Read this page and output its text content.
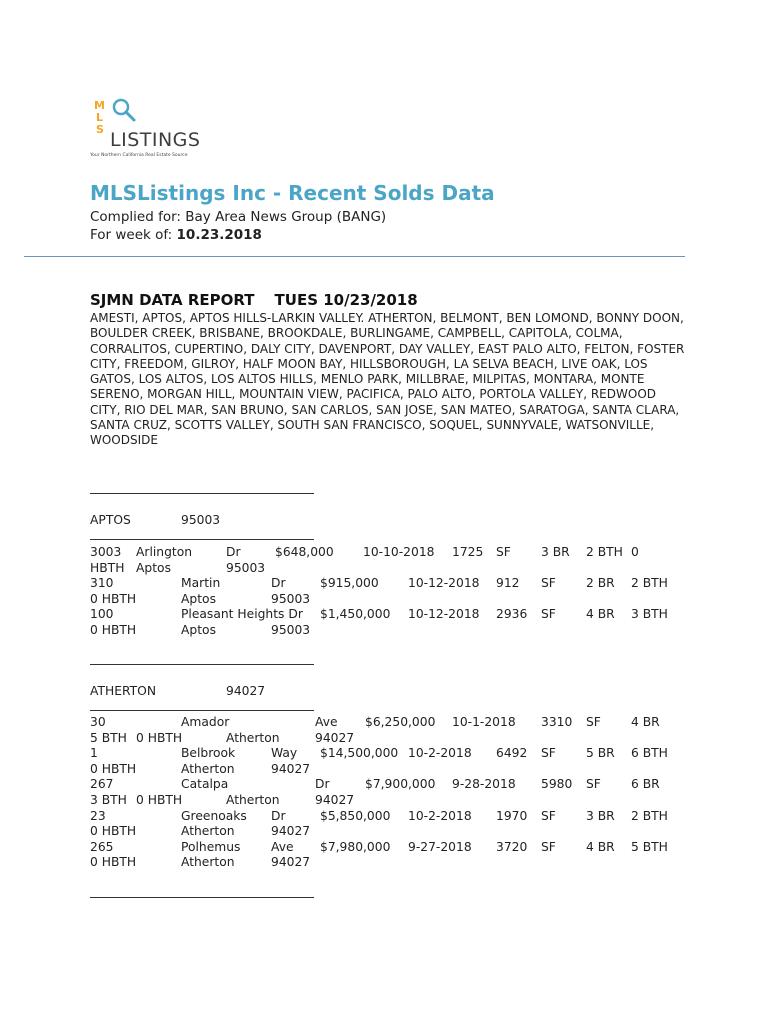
M
L
S LISTINGS
Your Northern California Real Estate Source
MLSListings Inc - Recent Solds Data
Complied for: Bay Area News Group (BANG)
For week of: 10.23.2018
SJMN DATA REPORT TUES 10/23/2018

AMESTI, APTOS, APTOS HILLS-LARKIN VALLEY. ATHERTON, BELMONT, BEN LOMOND, BONNY DOON, BOULDER CREEK, BRISBANE, BROOKDALE, BURLINGAME, CAMPBELL, CAPITOLA, COLMA, CORRALITOS, CUPERTINO, DALY CITY, DAVENPORT, DAY VALLEY, EAST PALO ALTO, FELTON, FOSTER CITY, FREEDOM, GILROY, HALF MOON BAY, HILLSBOROUGH, LA SELVA BEACH, LIVE OAK, LOS GATOS, LOS ALTOS, LOS ALTOS HILLS, MENLO PARK, MILLBRAE, MILPITAS, MONTARA, MONTE SERENO, MORGAN HILL, MOUNTAIN VIEW, PACIFICA, PALO ALTO, PORTOLA VALLEY, REDWOOD CITY, RIO DEL MAR, SAN BRUNO, SAN CARLOS, SAN JOSE, SAN MATEO, SARATOGA, SANTA CLARA, SANTA CRUZ, SCOTTS VALLEY, SOUTH SAN FRANCISCO, SOQUEL, SUNNYVALE, WATSONVILLE, WOODSIDE

APTOS	95003
3003 Arlington	Dr	$648,000 10-10-2018 1725 SF 3 BR 2 BTH 0
HBTH Aptos	95003
310	Martin	Dr	$915,000 10-12-2018 912 SF 2 BR 2 BTH
0 HBTH	Aptos	95003
100	Pleasant Heights Dr $1,450,000 10-12-2018 2936 SF 4 BR 3 BTH
0 HBTH	Aptos	95003
ATHERTON	94027
30	Amador	Ave $6,250,000 10-1-2018 3310 SF 4 BR
5 BTH 0 HBTH	Atherton	94027
1	Belbrook	Way $14,500,000 10-2-2018 6492 SF 5 BR 6 BTH
0 HBTH	Atherton	94027
267	Catalpa	Dr	$7,900,000 9-28-2018 5980 SF 6 BR
3 BTH 0 HBTH	Atherton	94027
23	Greenoaks Dr	$5,850,000 10-2-2018 1970 SF 3 BR 2 BTH
0 HBTH	Atherton	94027
265	Polhemus Ave $7,980,000 9-27-2018 3720 SF 4 BR 5 BTH
0 HBTH	Atherton	94027
